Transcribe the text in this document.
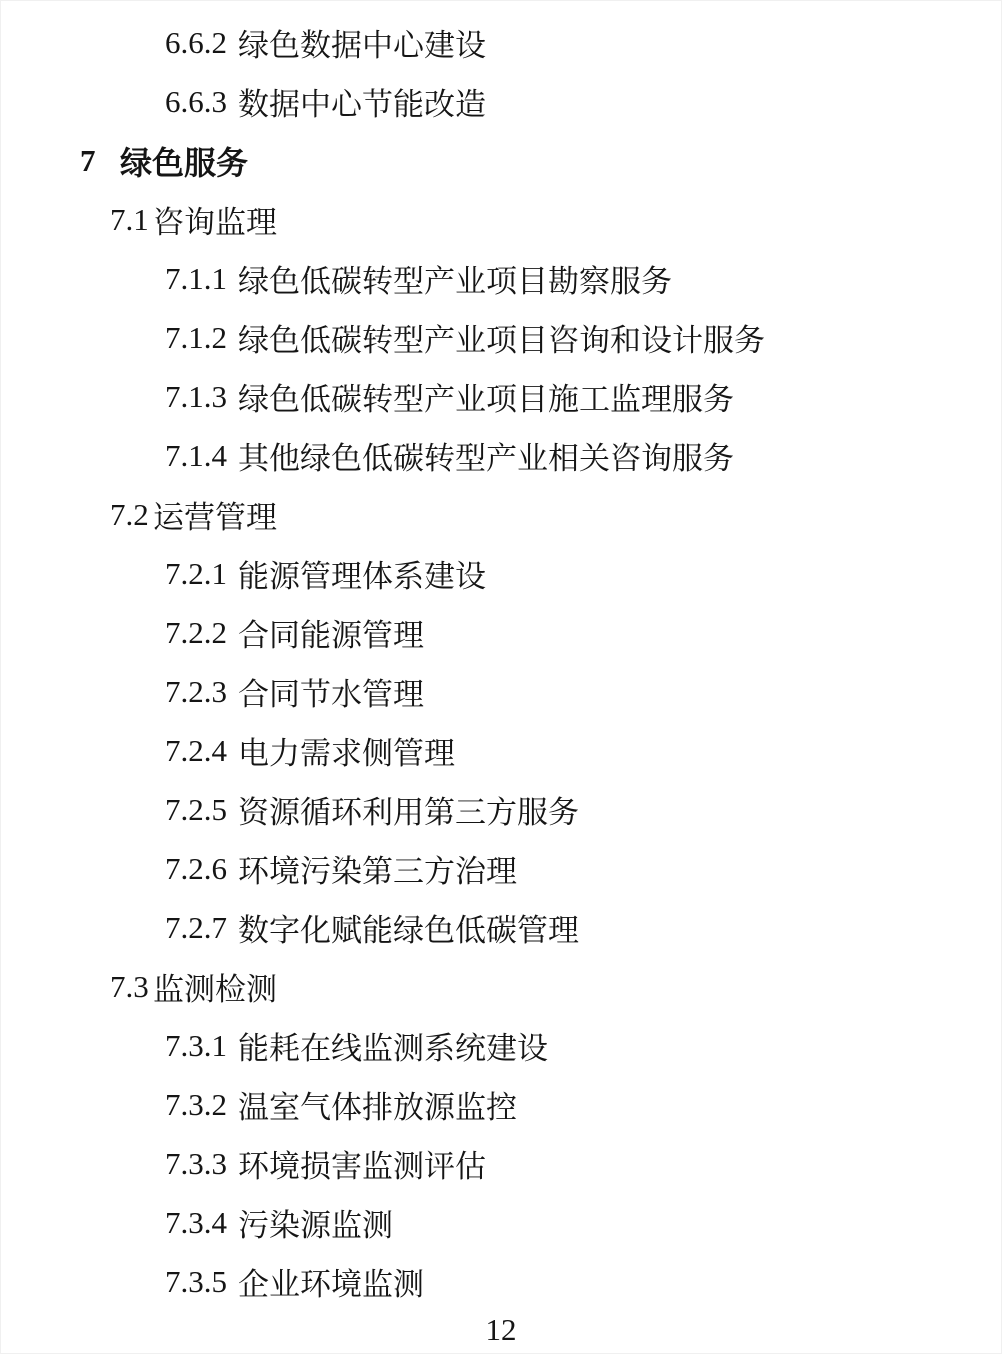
6.6.2 绿色数据中心建设
6.6.3 数据中心节能改造
7 绿色服务
7.1 咨询监理
7.1.1 绿色低碳转型产业项目勘察服务
7.1.2 绿色低碳转型产业项目咨询和设计服务
7.1.3 绿色低碳转型产业项目施工监理服务
7.1.4 其他绿色低碳转型产业相关咨询服务
7.2 运营管理
7.2.1 能源管理体系建设
7.2.2 合同能源管理
7.2.3 合同节水管理
7.2.4 电力需求侧管理
7.2.5 资源循环利用第三方服务
7.2.6 环境污染第三方治理
7.2.7 数字化赋能绿色低碳管理
7.3 监测检测
7.3.1 能耗在线监测系统建设
7.3.2 温室气体排放源监控
7.3.3 环境损害监测评估
7.3.4 污染源监测
7.3.5 企业环境监测
12
